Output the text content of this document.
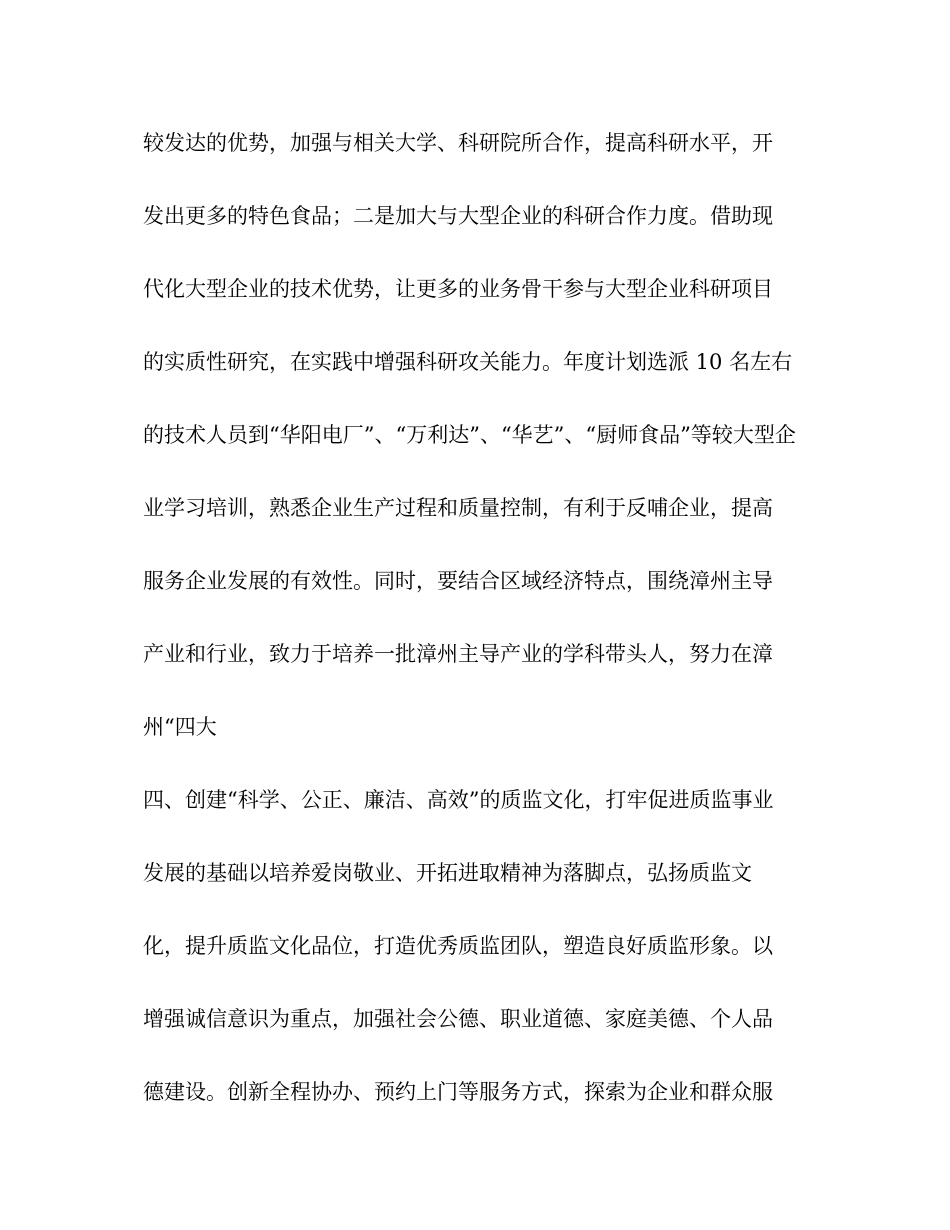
较发达的优势，加强与相关大学、科研院所合作，提高科研水平，开
发出更多的特色食品；二是加大与大型企业的科研合作力度。借助现
代化大型企业的技术优势，让更多的业务骨干参与大型企业科研项目
的实质性研究，在实践中增强科研攻关能力。年度计划选派 10 名左右
的技术人员到“华阳电厂”、“万利达”、“华艺”、“厨师食品”等较大型企
业学习培训，熟悉企业生产过程和质量控制，有利于反哺企业，提高
服务企业发展的有效性。同时，要结合区域经济特点，围绕漳州主导
产业和行业，致力于培养一批漳州主导产业的学科带头人，努力在漳
州“四大
四、创建“科学、公正、廉洁、高效”的质监文化，打牢促进质监事业
发展的基础以培养爱岗敬业、开拓进取精神为落脚点，弘扬质监文
化，提升质监文化品位，打造优秀质监团队，塑造良好质监形象。以
增强诚信意识为重点，加强社会公德、职业道德、家庭美德、个人品
德建设。创新全程协办、预约上门等服务方式，探索为企业和群众服
